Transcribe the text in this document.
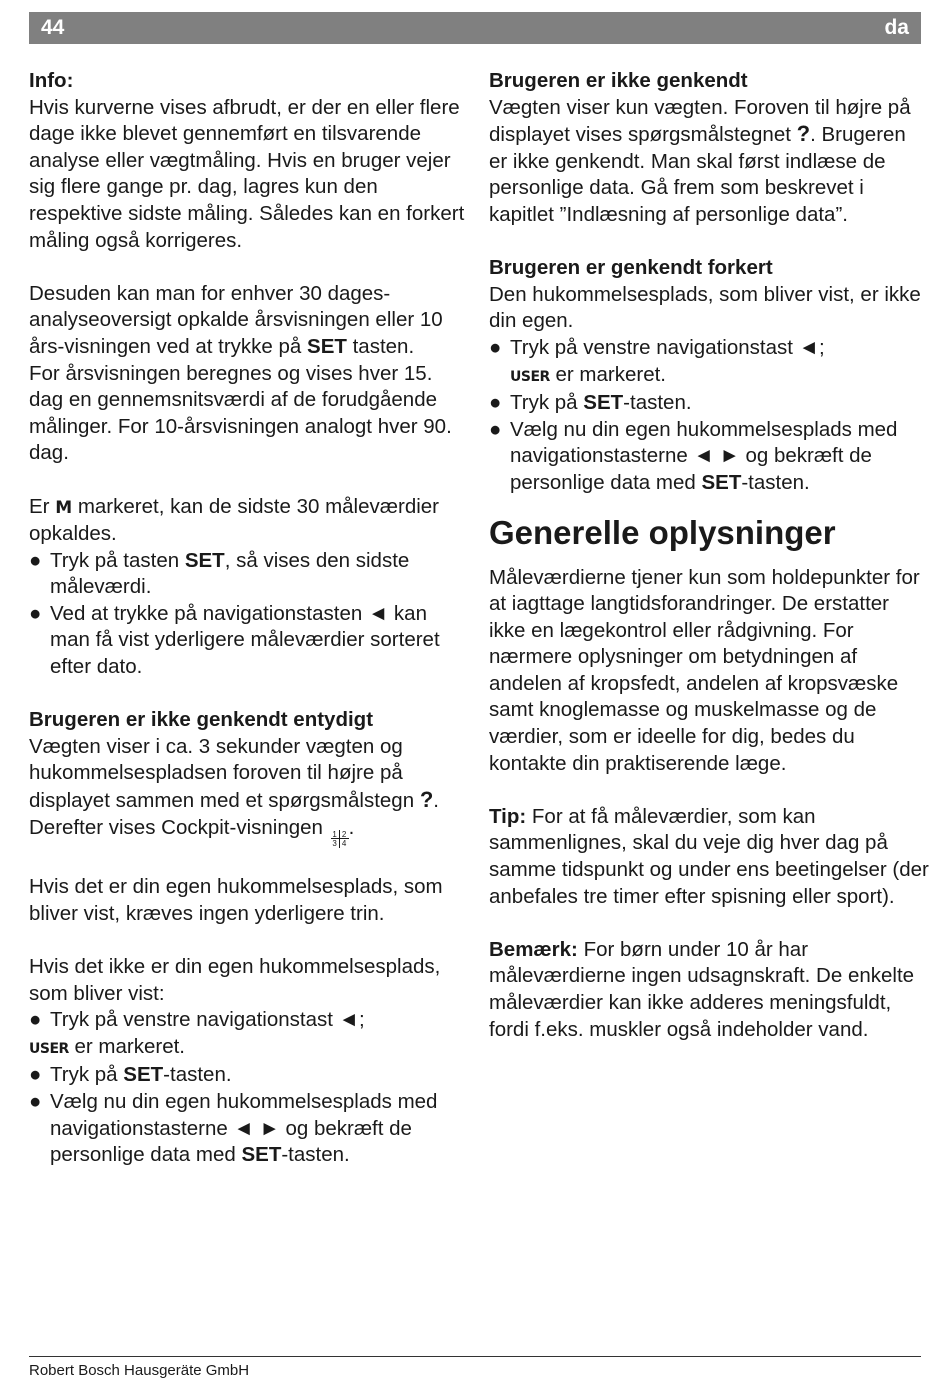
44	da

Info:

Hvis kurverne vises afbrudt, er der en eller flere dage ikke blevet gennemført en tilsvarende analyse eller vægtmåling. Hvis en bruger vejer sig flere gange pr. dag, lagres kun den respektive sidste måling. Således kan en forkert måling også korrigeres.

Desuden kan man for enhver 30 dages-analyseoversigt opkalde årsvisningen eller 10 års-visningen ved at trykke på SET tasten.

For årsvisningen beregnes og vises hver 15. dag en gennemsnitsværdi af de forudgående målinger. For 10-årsvisningen analogt hver 90. dag.

Er M markeret, kan de sidste 30 måleværdier opkaldes.

● Tryk på tasten SET, så vises den sidste måleværdi.
● Ved at trykke på navigationstasten ◄ kan man få vist yderligere måleværdier sorteret efter dato.

Brugeren er ikke genkendt entydigt

Vægten viser i ca. 3 sekunder vægten og hukommelsespladsen foroven til højre på displayet sammen med et spørgsmålstegn ?. Derefter vises Cockpit-visningen 1 2
3 4
.

Hvis det er din egen hukommelsesplads, som bliver vist, kræves ingen yderligere trin.

Hvis det ikke er din egen hukommelsesplads, som bliver vist:

● Tryk på venstre navigationstast ◄;

USER er markeret.

● Tryk på SET-tasten.
● Vælg nu din egen hukommelsesplads med navigationstasterne ◄ ► og bekræft de personlige data med SET-tasten.

Brugeren er ikke genkendt

Vægten viser kun vægten. Foroven til højre på displayet vises spørgsmålstegnet ?. Brugeren er ikke genkendt. Man skal først indlæse de personlige data. Gå frem som beskrevet i kapitlet ”Indlæsning af personlige data”.

Brugeren er genkendt forkert

Den hukommelsesplads, som bliver vist, er ikke din egen.

● Tryk på venstre navigationstast ◄;

USER er markeret.

● Tryk på SET-tasten.
● Vælg nu din egen hukommelsesplads med navigationstasterne ◄ ► og bekræft de personlige data med SET-tasten.
Generelle oplysninger

Måleværdierne tjener kun som holdepunkter for at iagttage langtidsforandringer. De erstatter ikke en lægekontrol eller rådgivning. For nærmere oplysninger om betydningen af andelen af kropsfedt, andelen af kropsvæske samt knoglemasse og muskelmasse og de værdier, som er ideelle for dig, bedes du kontakte din praktiserende læge.

Tip: For at få måleværdier, som kan sammenlignes, skal du veje dig hver dag på samme tidspunkt og under ens beetingelser (der anbefales tre timer efter spisning eller sport).

Bemærk: For børn under 10 år har måleværdierne ingen udsagnskraft. De enkelte måleværdier kan ikke adderes meningsfuldt, fordi f.eks. muskler også indeholder vand.

Robert Bosch Hausgeräte GmbH
